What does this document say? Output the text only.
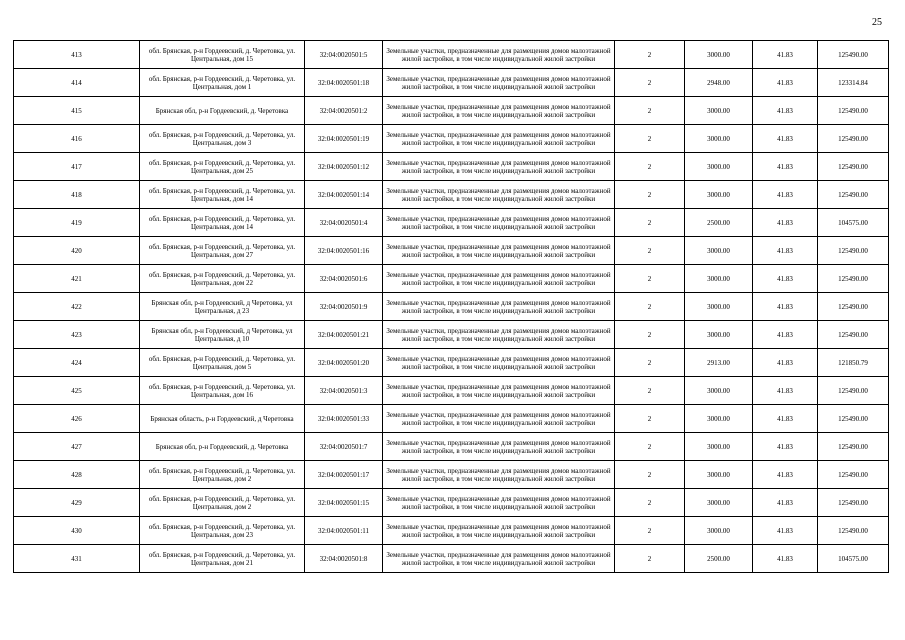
25
413	обл. Брянская, р-н Гордеевский, д. Черетовка, ул. Центральная, дом 15	32:04:0020501:5	Земельные участки, предназначенные для размещения домов малоэтажной жилой застройки, в том числе индивидуальной жилой застройки	2	3000.00	41.83	125490.00
414	обл. Брянская, р-н Гордеевский, д. Черетовка, ул. Центральная, дом 1	32:04:0020501:18	Земельные участки, предназначенные для размещения домов малоэтажной жилой застройки, в том числе индивидуальной жилой застройки	2	2948.00	41.83	123314.84
415	Брянская обл, р-н Гордеевский, д. Черетовка	32:04:0020501:2	Земельные участки, предназначенные для размещения домов малоэтажной жилой застройки, в том числе индивидуальной жилой застройки	2	3000.00	41.83	125490.00
416	обл. Брянская, р-н Гордеевский, д. Черетовка, ул. Центральная, дом 3	32:04:0020501:19	Земельные участки, предназначенные для размещения домов малоэтажной жилой застройки, в том числе индивидуальной жилой застройки	2	3000.00	41.83	125490.00
417	обл. Брянская, р-н Гордеевский, д. Черетовка, ул. Центральная, дом 25	32:04:0020501:12	Земельные участки, предназначенные для размещения домов малоэтажной жилой застройки, в том числе индивидуальной жилой застройки	2	3000.00	41.83	125490.00
418	обл. Брянская, р-н Гордеевский, д. Черетовка, ул. Центральная, дом 14	32:04:0020501:14	Земельные участки, предназначенные для размещения домов малоэтажной жилой застройки, в том числе индивидуальной жилой застройки	2	3000.00	41.83	125490.00
419	обл. Брянская, р-н Гордеевский, д. Черетовка, ул. Центральная, дом 14	32:04:0020501:4	Земельные участки, предназначенные для размещения домов малоэтажной жилой застройки, в том числе индивидуальной жилой застройки	2	2500.00	41.83	104575.00
420	обл. Брянская, р-н Гордеевский, д. Черетовка, ул. Центральная, дом 27	32:04:0020501:16	Земельные участки, предназначенные для размещения домов малоэтажной жилой застройки, в том числе индивидуальной жилой застройки	2	3000.00	41.83	125490.00
421	обл. Брянская, р-н Гордеевский, д. Черетовка, ул. Центральная, дом 22	32:04:0020501:6	Земельные участки, предназначенные для размещения домов малоэтажной жилой застройки, в том числе индивидуальной жилой застройки	2	3000.00	41.83	125490.00
422	Брянская обл, р-н Гордеевский, д Черетовка, ул Центральная, д 23	32:04:0020501:9	Земельные участки, предназначенные для размещения домов малоэтажной жилой застройки, в том числе индивидуальной жилой застройки	2	3000.00	41.83	125490.00
423	Брянская обл, р-н Гордеевский, д Черетовка, ул Центральная, д 10	32:04:0020501:21	Земельные участки, предназначенные для размещения домов малоэтажной жилой застройки, в том числе индивидуальной жилой застройки	2	3000.00	41.83	125490.00
424	обл. Брянская, р-н Гордеевский, д. Черетовка, ул. Центральная, дом 5	32:04:0020501:20	Земельные участки, предназначенные для размещения домов малоэтажной жилой застройки, в том числе индивидуальной жилой застройки	2	2913.00	41.83	121850.79
425	обл. Брянская, р-н Гордеевский, д. Черетовка, ул. Центральная, дом 16	32:04:0020501:3	Земельные участки, предназначенные для размещения домов малоэтажной жилой застройки, в том числе индивидуальной жилой застройки	2	3000.00	41.83	125490.00
426	Брянская область, р-н Гордеевский, д Черетовка	32:04:0020501:33	Земельные участки, предназначенные для размещения домов малоэтажной жилой застройки, в том числе индивидуальной жилой застройки	2	3000.00	41.83	125490.00
427	Брянская обл, р-н Гордеевский, д. Черетовка	32:04:0020501:7	Земельные участки, предназначенные для размещения домов малоэтажной жилой застройки, в том числе индивидуальной жилой застройки	2	3000.00	41.83	125490.00
428	обл. Брянская, р-н Гордеевский, д. Черетовка, ул. Центральная, дом 2	32:04:0020501:17	Земельные участки, предназначенные для размещения домов малоэтажной жилой застройки, в том числе индивидуальной жилой застройки	2	3000.00	41.83	125490.00
429	обл. Брянская, р-н Гордеевский, д. Черетовка, ул. Центральная, дом 2	32:04:0020501:15	Земельные участки, предназначенные для размещения домов малоэтажной жилой застройки, в том числе индивидуальной жилой застройки	2	3000.00	41.83	125490.00
430	обл. Брянская, р-н Гордеевский, д. Черетовка, ул. Центральная, дом 23	32:04:0020501:11	Земельные участки, предназначенные для размещения домов малоэтажной жилой застройки, в том числе индивидуальной жилой застройки	2	3000.00	41.83	125490.00
431	обл. Брянская, р-н Гордеевский, д. Черетовка, ул. Центральная, дом 21	32:04:0020501:8	Земельные участки, предназначенные для размещения домов малоэтажной жилой застройки, в том числе индивидуальной жилой застройки	2	2500.00	41.83	104575.00
